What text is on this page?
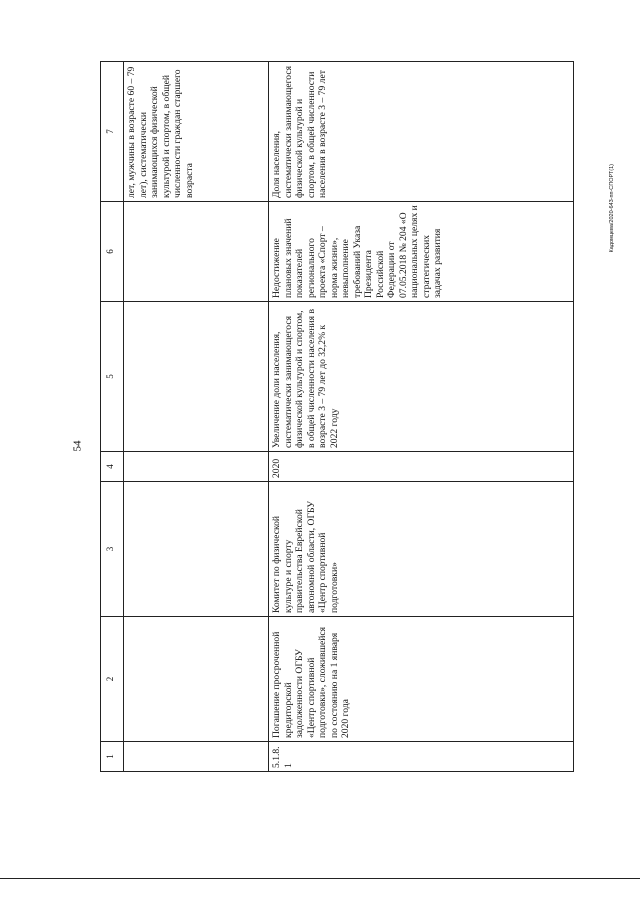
54
1	2	3	4	5	6	7
						лет, мужчины в возрасте 60 – 79 лет), систематически занимающихся физической культурой и спортом, в общей численности граждан старшего возраста
5.1.8.1	Погашение просроченной кредиторской задолженности ОГБУ «Центр спортивной подготовки», сложившейся по состоянию на 1 января 2020 года	Комитет по физической культуре и спорту правительства Еврейской автономной области, ОГБУ «Центр спортивной подготовки»	2020	Увеличение доли населения, систематически занимающегося физической культурой и спортом, в общей численности населения в возрасте 3 – 79 лет до 32,2% к 2022 году	Недостижение плановых значений показателей регионального проекта «Спорт – норма жизни», невыполнение требований Указа Президента Российской Федерации от 07.05.2018 № 204 «О национальных целях и стратегических задачах развития	Доля населения, систематически занимающегося физической культурой и спортом, в общей численности населения в возрасте 3 – 79 лет
Кадомцева/2020-643-пп-СПОРТ(1)
